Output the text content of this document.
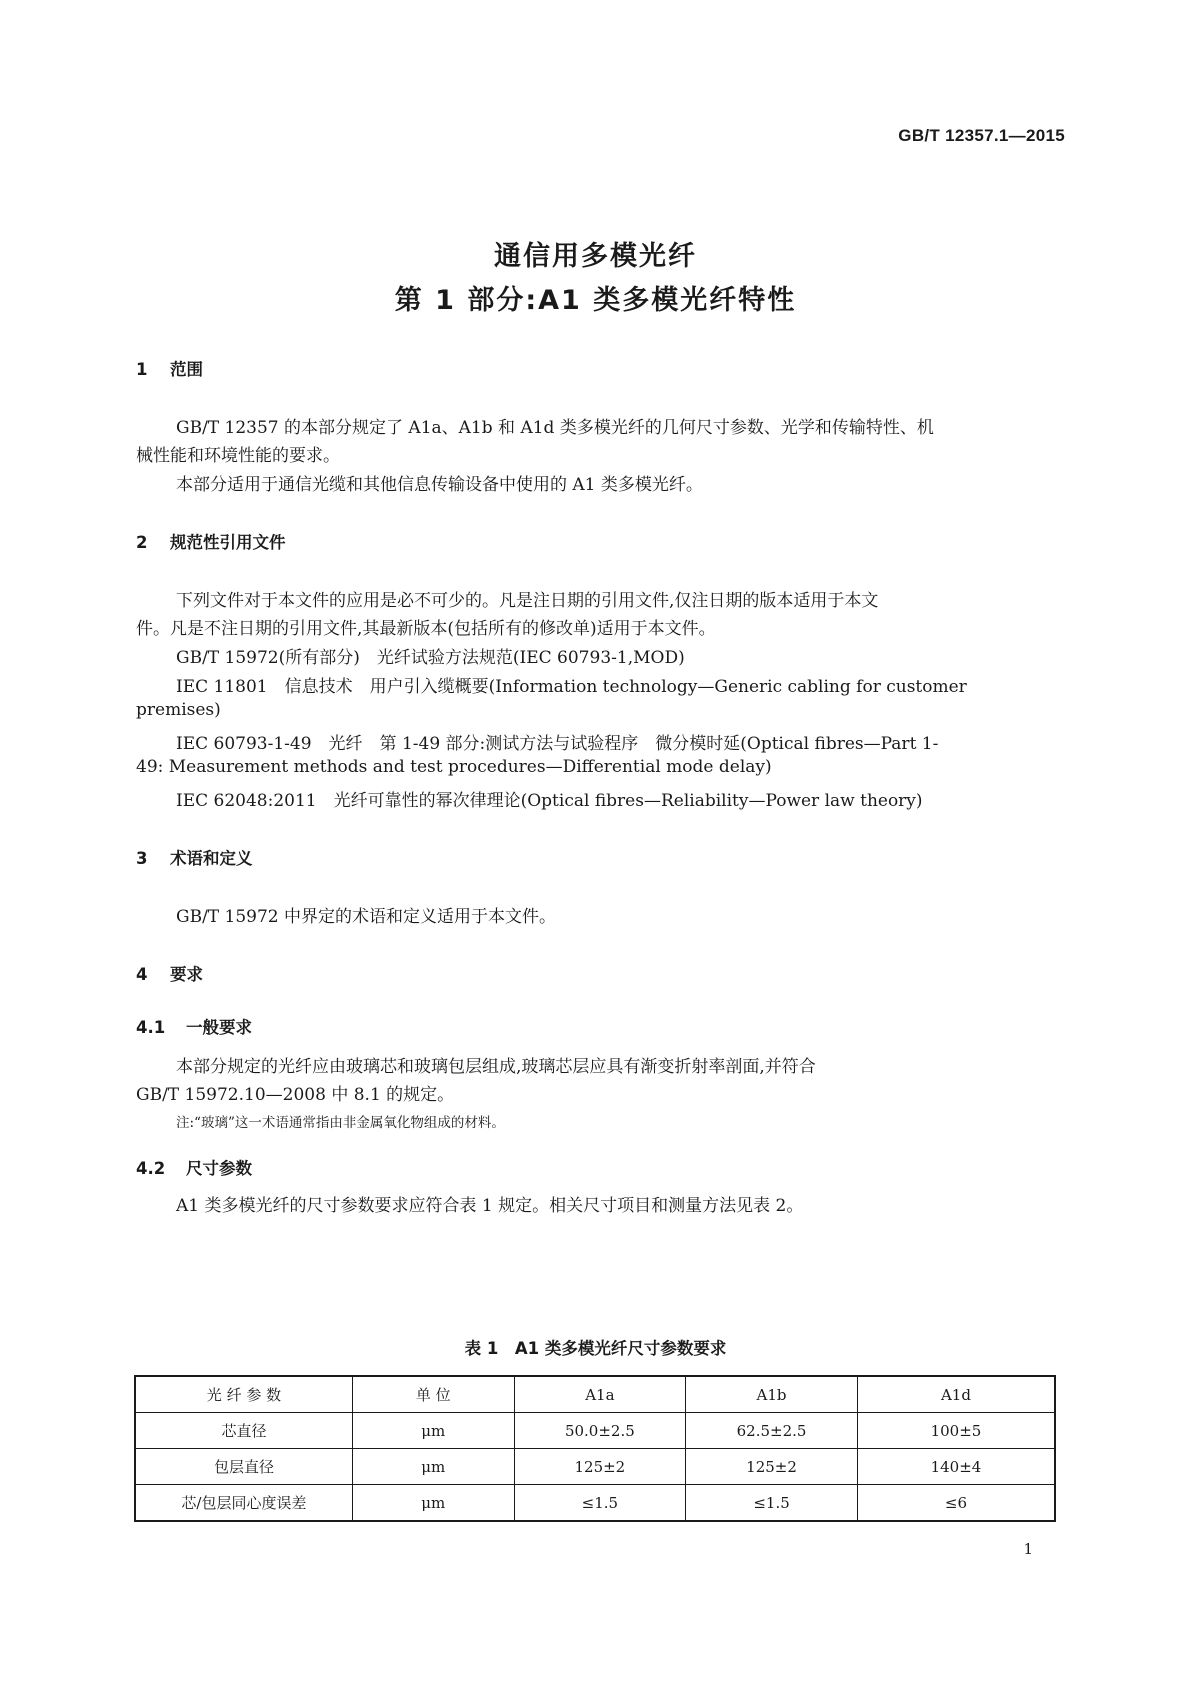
GB/T 12357.1—2015
通信用多模光纤
第 1 部分:A1 类多模光纤特性
1 范围
GB/T 12357 的本部分规定了 A1a、A1b 和 A1d 类多模光纤的几何尺寸参数、光学和传输特性、机
械性能和环境性能的要求。
本部分适用于通信光缆和其他信息传输设备中使用的 A1 类多模光纤。
2 规范性引用文件
下列文件对于本文件的应用是必不可少的。凡是注日期的引用文件,仅注日期的版本适用于本文
件。凡是不注日期的引用文件,其最新版本(包括所有的修改单)适用于本文件。
GB/T 15972(所有部分)　光纤试验方法规范(IEC 60793-1,MOD)
IEC 11801　信息技术　用户引入缆概要(Information technology—Generic cabling for customer
premises)
IEC 60793-1-49　光纤　第 1-49 部分:测试方法与试验程序　微分模时延(Optical fibres—Part 1-
49: Measurement methods and test procedures—Differential mode delay)
IEC 62048:2011　光纤可靠性的幂次律理论(Optical fibres—Reliability—Power law theory)
3 术语和定义
GB/T 15972 中界定的术语和定义适用于本文件。
4 要求
4.1 一般要求
本部分规定的光纤应由玻璃芯和玻璃包层组成,玻璃芯层应具有渐变折射率剖面,并符合
GB/T 15972.10—2008 中 8.1 的规定。
注:“玻璃”这一术语通常指由非金属氧化物组成的材料。
4.2 尺寸参数
A1 类多模光纤的尺寸参数要求应符合表 1 规定。相关尺寸项目和测量方法见表 2。
表 1　A1 类多模光纤尺寸参数要求
光 纤 参 数	单 位	A1a	A1b	A1d
芯直径	μm	50.0±2.5	62.5±2.5	100±5
包层直径	μm	125±2	125±2	140±4
芯/包层同心度误差	μm	≤1.5	≤1.5	≤6
1
